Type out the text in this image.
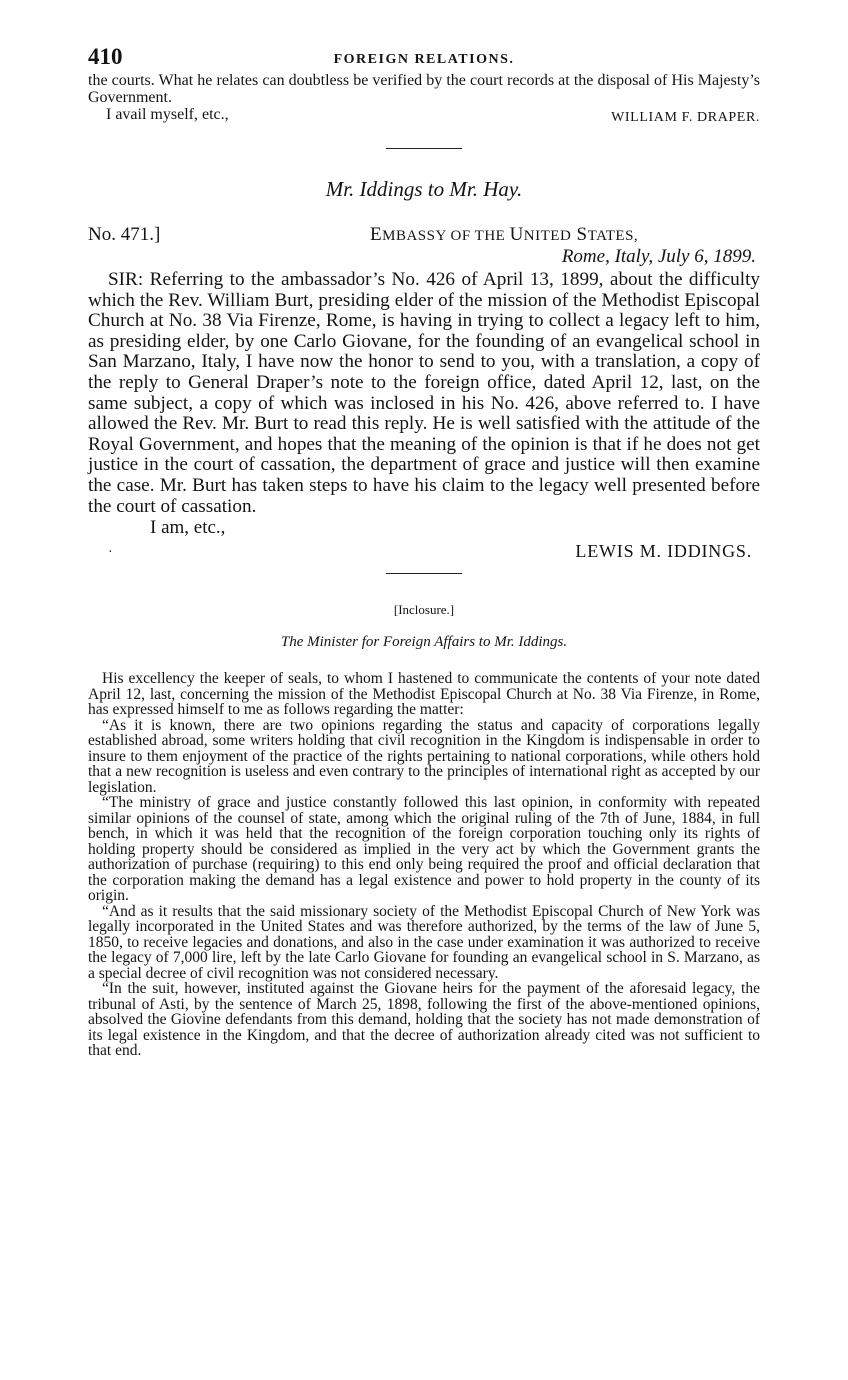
410	FOREIGN RELATIONS.

the courts. What he relates can doubtless be verified by the court records at the disposal of His Majesty’s Government.

I avail myself, etc.,	WILLIAM F. DRAPER.
Mr. Iddings to Mr. Hay.
No. 471.]	EMBASSY OF THE UNITED STATES,
Rome, Italy, July 6, 1899.

SIR: Referring to the ambassador’s No. 426 of April 13, 1899, about the difficulty which the Rev. William Burt, presiding elder of the mission of the Methodist Episcopal Church at No. 38 Via Firenze, Rome, is having in trying to collect a legacy left to him, as presiding elder, by one Carlo Giovane, for the founding of an evangelical school in San Marzano, Italy, I have now the honor to send to you, with a translation, a copy of the reply to General Draper’s note to the foreign office, dated April 12, last, on the same subject, a copy of which was inclosed in his No. 426, above referred to. I have allowed the Rev. Mr. Burt to read this reply. He is well satisfied with the attitude of the Royal Government, and hopes that the meaning of the opinion is that if he does not get justice in the court of cassation, the department of grace and justice will then examine the case. Mr. Burt has taken steps to have his claim to the legacy well presented before the court of cassation.

I am, etc.,
·	LEWIS M. IDDINGS.
[Inclosure.]
The Minister for Foreign Affairs to Mr. Iddings.

His excellency the keeper of seals, to whom I hastened to communicate the contents of your note dated April 12, last, concerning the mission of the Methodist Episcopal Church at No. 38 Via Firenze, in Rome, has expressed himself to me as follows regarding the matter:

“As it is known, there are two opinions regarding the status and capacity of corporations legally established abroad, some writers holding that civil recognition in the Kingdom is indispensable in order to insure to them enjoyment of the practice of the rights pertaining to national corporations, while others hold that a new recognition is useless and even contrary to the principles of international right as accepted by our legislation.

“The ministry of grace and justice constantly followed this last opinion, in conformity with repeated similar opinions of the counsel of state, among which the original ruling of the 7th of June, 1884, in full bench, in which it was held that the recognition of the foreign corporation touching only its rights of holding property should be considered as implied in the very act by which the Government grants the authorization of purchase (requiring) to this end only being required the proof and official declaration that the corporation making the demand has a legal existence and power to hold property in the county of its origin.

“And as it results that the said missionary society of the Methodist Episcopal Church of New York was legally incorporated in the United States and was therefore authorized, by the terms of the law of June 5, 1850, to receive legacies and donations, and also in the case under examination it was authorized to receive the legacy of 7,000 lire, left by the late Carlo Giovane for founding an evangelical school in S. Marzano, as a special decree of civil recognition was not considered necessary.

“In the suit, however, instituted against the Giovane heirs for the payment of the aforesaid legacy, the tribunal of Asti, by the sentence of March 25, 1898, following the first of the above-mentioned opinions, absolved the Giovine defendants from this demand, holding that the society has not made demonstration of its legal existence in the Kingdom, and that the decree of authorization already cited was not sufficient to that end.
